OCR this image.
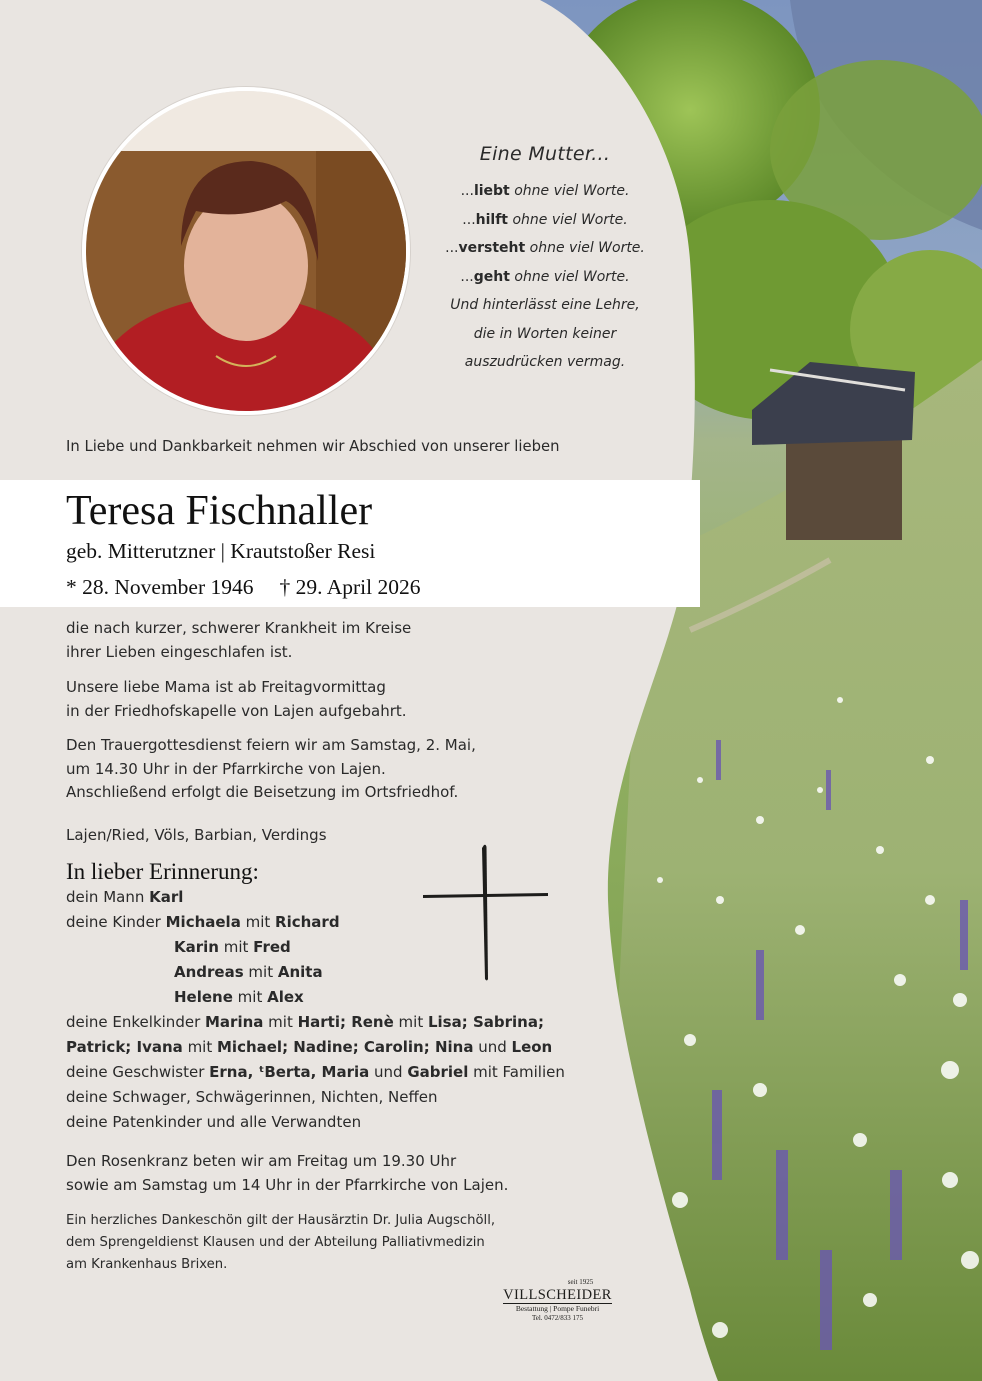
Eine Mutter...
...liebt ohne viel Worte.
...hilft ohne viel Worte.
...versteht ohne viel Worte.
...geht ohne viel Worte.
Und hinterlässt eine Lehre,
die in Worten keiner
auszudrücken vermag.
In Liebe und Dankbarkeit nehmen wir Abschied von unserer lieben
Teresa Fischnaller
geb. Mitterutzner | Krautstoßer Resi
* 28. November 1946 † 29. April 2026
die nach kurzer, schwerer Krankheit im Kreise
ihrer Lieben eingeschlafen ist.
Unsere liebe Mama ist ab Freitagvormittag
in der Friedhofskapelle von Lajen aufgebahrt.
Den Trauergottesdienst feiern wir am Samstag, 2. Mai,
um 14.30 Uhr in der Pfarrkirche von Lajen.
Anschließend erfolgt die Beisetzung im Ortsfriedhof.
Lajen/Ried, Völs, Barbian, Verdings
In lieber Erinnerung:
dein Mann Karl
deine Kinder Michaela mit Richard
Karin mit Fred
Andreas mit Anita
Helene mit Alex
deine Enkelkinder Marina mit Harti; Renè mit Lisa; Sabrina;
Patrick; Ivana mit Michael; Nadine; Carolin; Nina und Leon
deine Geschwister Erna, ᵗBerta, Maria und Gabriel mit Familien
deine Schwager, Schwägerinnen, Nichten, Neffen
deine Patenkinder und alle Verwandten
Den Rosenkranz beten wir am Freitag um 19.30 Uhr
sowie am Samstag um 14 Uhr in der Pfarrkirche von Lajen.
Ein herzliches Dankeschön gilt der Hausärztin Dr. Julia Augschöll,
dem Sprengeldienst Klausen und der Abteilung Palliativmedizin
am Krankenhaus Brixen.
seit 1925
VILLSCHEIDER
Bestattung | Pompe Funebri
Tel. 0472/833 175
